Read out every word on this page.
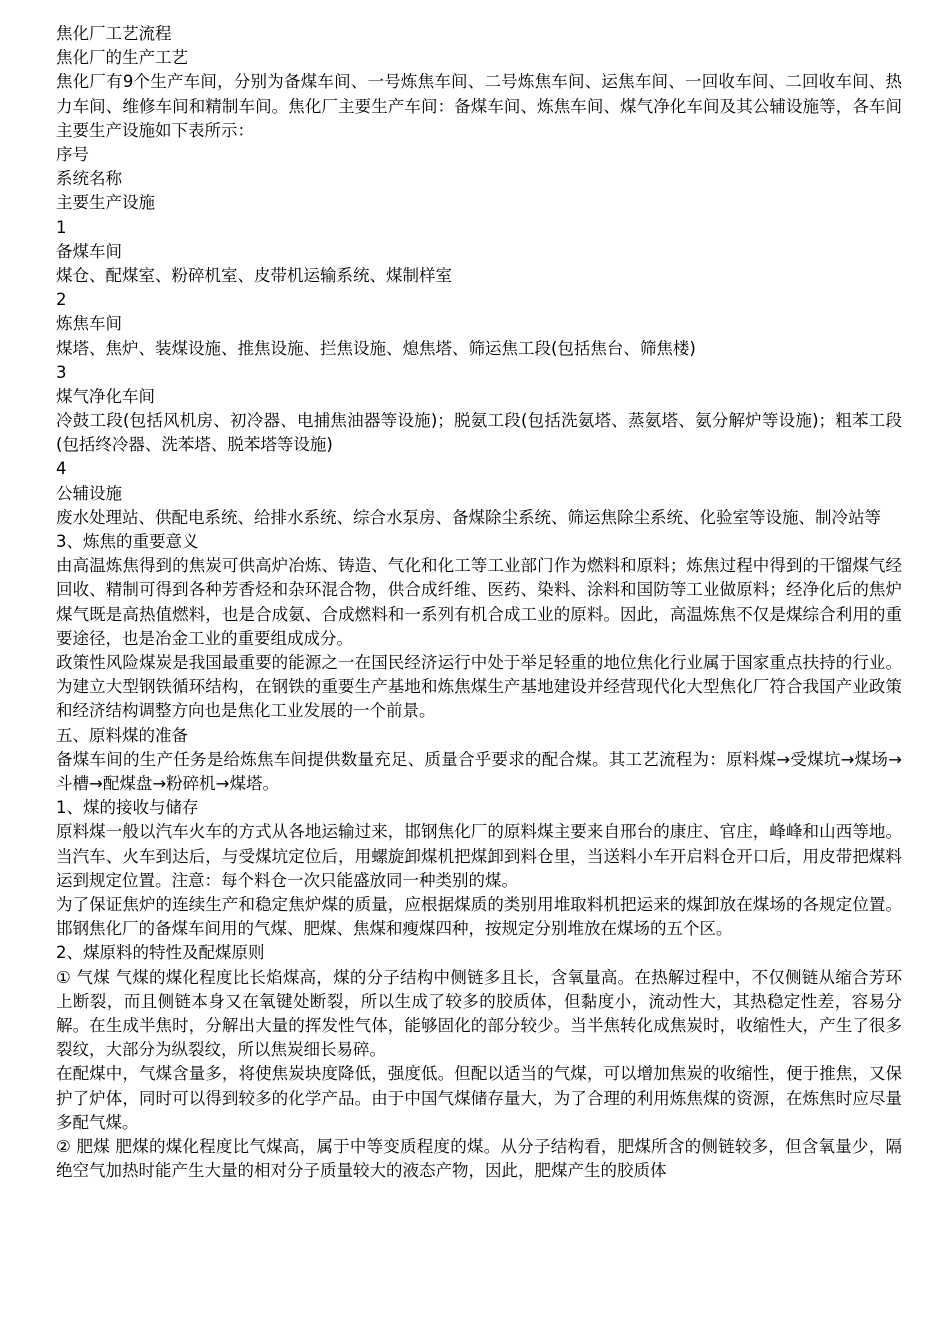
焦化厂工艺流程
焦化厂的生产工艺
焦化厂有9个生产车间，分别为备煤车间、一号炼焦车间、二号炼焦车间、运焦车间、一回收车间、二回收车间、热力车间、维修车间和精制车间。焦化厂主要生产车间：备煤车间、炼焦车间、煤气净化车间及其公辅设施等，各车间主要生产设施如下表所示：
序号
系统名称
主要生产设施
1
备煤车间
煤仓、配煤室、粉碎机室、皮带机运输系统、煤制样室
2
炼焦车间
煤塔、焦炉、装煤设施、推焦设施、拦焦设施、熄焦塔、筛运焦工段(包括焦台、筛焦楼)
3
煤气净化车间
冷鼓工段(包括风机房、初冷器、电捕焦油器等设施)；脱氨工段(包括洗氨塔、蒸氨塔、氨分解炉等设施)；粗苯工段(包括终冷器、洗苯塔、脱苯塔等设施)
4
公辅设施
废水处理站、供配电系统、给排水系统、综合水泵房、备煤除尘系统、筛运焦除尘系统、化验室等设施、制冷站等
3、炼焦的重要意义
由高温炼焦得到的焦炭可供高炉冶炼、铸造、气化和化工等工业部门作为燃料和原料；炼焦过程中得到的干馏煤气经回收、精制可得到各种芳香烃和杂环混合物，供合成纤维、医药、染料、涂料和国防等工业做原料；经净化后的焦炉煤气既是高热值燃料，也是合成氨、合成燃料和一系列有机合成工业的原料。因此，高温炼焦不仅是煤综合利用的重要途径，也是冶金工业的重要组成成分。
政策性风险煤炭是我国最重要的能源之一在国民经济运行中处于举足轻重的地位焦化行业属于国家重点扶持的行业。为建立大型钢铁循环结构，在钢铁的重要生产基地和炼焦煤生产基地建设并经营现代化大型焦化厂符合我国产业政策和经济结构调整方向也是焦化工业发展的一个前景。
五、原料煤的准备
备煤车间的生产任务是给炼焦车间提供数量充足、质量合乎要求的配合煤。其工艺流程为：原料煤→受煤坑→煤场→斗槽→配煤盘→粉碎机→煤塔。
1、煤的接收与储存
原料煤一般以汽车火车的方式从各地运输过来，邯钢焦化厂的原料煤主要来自邢台的康庄、官庄，峰峰和山西等地。当汽车、火车到达后，与受煤坑定位后，用螺旋卸煤机把煤卸到料仓里，当送料小车开启料仓开口后，用皮带把煤料运到规定位置。注意：每个料仓一次只能盛放同一种类别的煤。
为了保证焦炉的连续生产和稳定焦炉煤的质量，应根据煤质的类别用堆取料机把运来的煤卸放在煤场的各规定位置。邯钢焦化厂的备煤车间用的气煤、肥煤、焦煤和瘦煤四种，按规定分别堆放在煤场的五个区。
2、煤原料的特性及配煤原则
① 气煤 气煤的煤化程度比长焰煤高，煤的分子结构中侧链多且长，含氧量高。在热解过程中，不仅侧链从缩合芳环上断裂，而且侧链本身又在氧键处断裂，所以生成了较多的胶质体，但黏度小，流动性大，其热稳定性差，容易分解。在生成半焦时，分解出大量的挥发性气体，能够固化的部分较少。当半焦转化成焦炭时，收缩性大，产生了很多裂纹，大部分为纵裂纹，所以焦炭细长易碎。
在配煤中，气煤含量多，将使焦炭块度降低，强度低。但配以适当的气煤，可以增加焦炭的收缩性，便于推焦，又保护了炉体，同时可以得到较多的化学产品。由于中国气煤储存量大，为了合理的利用炼焦煤的资源，在炼焦时应尽量多配气煤。
② 肥煤 肥煤的煤化程度比气煤高，属于中等变质程度的煤。从分子结构看，肥煤所含的侧链较多，但含氧量少，隔绝空气加热时能产生大量的相对分子质量较大的液态产物，因此，肥煤产生的胶质体
